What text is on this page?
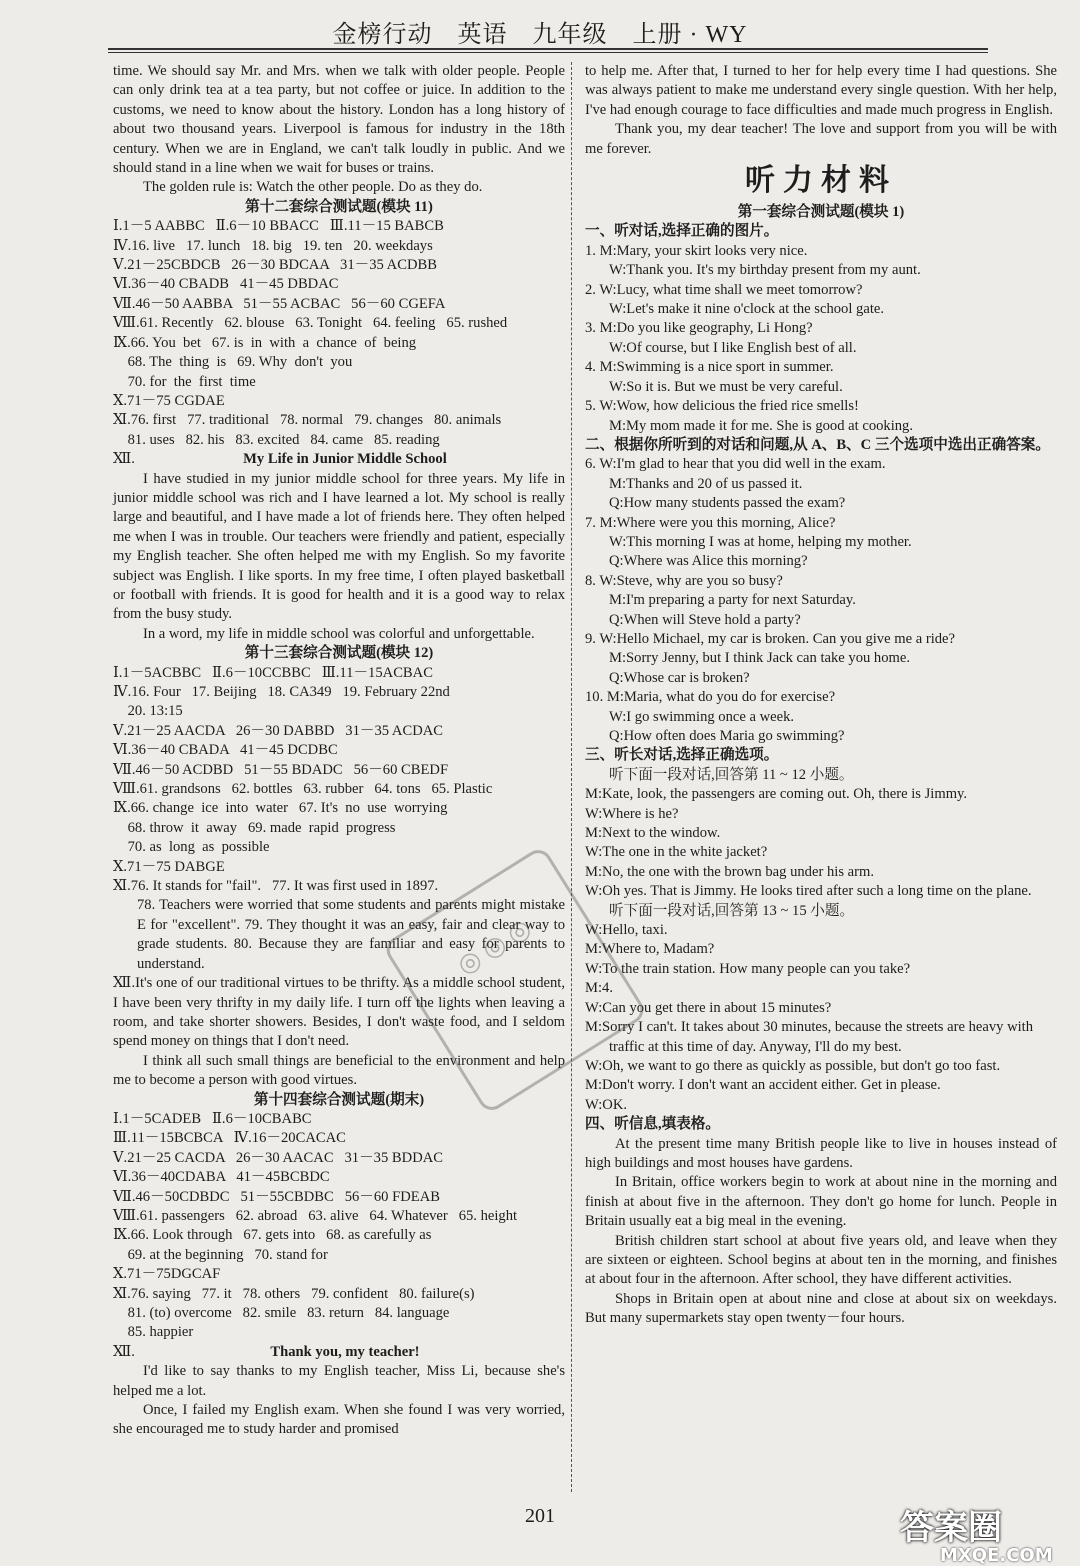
金榜行动　英语　九年级　上册 · WY

time. We should say Mr. and Mrs. when we talk with older people. People can only drink tea at a tea party, but not coffee or juice. In addition to the customs, we need to know about the history. London has a long history of about two thousand years. Liverpool is famous for industry in the 18th century. When we are in England, we can't talk loudly in public. And we should stand in a line when we wait for buses or trains.

The golden rule is: Watch the other people. Do as they do.

第十二套综合测试题(模块 11)

Ⅰ.1－5 AABBC   Ⅱ.6－10 BBACC   Ⅲ.11－15 BABCB

Ⅳ.16. live   17. lunch   18. big   19. ten   20. weekdays

Ⅴ.21－25CBDCB   26－30 BDCAA   31－35 ACDBB

Ⅵ.36－40 CBADB   41－45 DBDAC

Ⅶ.46－50 AABBA   51－55 ACBAC   56－60 CGEFA

Ⅷ.61. Recently   62. blouse   63. Tonight   64. feeling   65. rushed

Ⅸ.66. You  bet   67. is  in  with  a  chance  of  being

68. The  thing  is   69. Why  don't  you

70. for  the  first  time

Ⅹ.71－75 CGDAE

Ⅺ.76. first   77. traditional   78. normal   79. changes   80. animals

81. uses   82. his   83. excited   84. came   85. reading

Ⅻ.	My Life in Junior Middle School

I have studied in my junior middle school for three years. My life in junior middle school was rich and I have learned a lot. My school is really large and beautiful, and I have made a lot of friends here. They often helped me when I was in trouble. Our teachers were friendly and patient, especially my English teacher. She often helped me with my English. So my favorite subject was English. I like sports. In my free time, I often played basketball or football with friends. It is good for health and it is a good way to relax from the busy study.

In a word, my life in middle school was colorful and unforgettable.

第十三套综合测试题(模块 12)

Ⅰ.1－5ACBBC   Ⅱ.6－10CCBBC   Ⅲ.11－15ACBAC

Ⅳ.16. Four   17. Beijing   18. CA349   19. February 22nd

20. 13:15

Ⅴ.21－25 AACDA   26－30 DABBD   31－35 ACDAC

Ⅵ.36－40 CBADA   41－45 DCDBC

Ⅶ.46－50 ACDBD   51－55 BDADC   56－60 CBEDF

Ⅷ.61. grandsons   62. bottles   63. rubber   64. tons   65. Plastic

Ⅸ.66. change  ice  into  water   67. It's  no  use  worrying

68. throw  it  away   69. made  rapid  progress

70. as  long  as  possible

Ⅹ.71－75 DABGE

Ⅺ.76. It stands for "fail".   77. It was first used in 1897.

78. Teachers were worried that some students and parents might mistake E for "excellent". 79. They thought it was an easy, fair and clear way to grade students. 80. Because they are familiar and easy for parents to understand.

Ⅻ.It's one of our traditional virtues to be thrifty. As a middle school student, I have been very thrifty in my daily life. I turn off the lights when leaving a room, and take shorter showers. Besides, I don't waste food, and I seldom spend money on things that I don't need.

I think all such small things are beneficial to the environment and help me to become a person with good virtues.

第十四套综合测试题(期末)

Ⅰ.1－5CADEB   Ⅱ.6－10CBABC

Ⅲ.11－15BCBCA   Ⅳ.16－20CACAC

Ⅴ.21－25 CACDA   26－30 AACAC   31－35 BDDAC

Ⅵ.36－40CDABA   41－45BCBDC

Ⅶ.46－50CDBDC   51－55CBDBC   56－60 FDEAB

Ⅷ.61. passengers   62. abroad   63. alive   64. Whatever   65. height

Ⅸ.66. Look through   67. gets into   68. as carefully as

69. at the beginning   70. stand for

Ⅹ.71－75DGCAF

Ⅺ.76. saying   77. it   78. others   79. confident   80. failure(s)

81. (to) overcome   82. smile   83. return   84. language

85. happier

Ⅻ.	Thank you, my teacher!

I'd like to say thanks to my English teacher, Miss Li, because she's helped me a lot.

Once, I failed my English exam. When she found I was very worried, she encouraged me to study harder and promised

to help me. After that, I turned to her for help every time I had questions. She was always patient to make me understand every single question. With her help, I've had enough courage to face difficulties and made much progress in English.

Thank you, my dear teacher! The love and support from you will be with me forever.

听力材料

第一套综合测试题(模块 1)

一、听对话,选择正确的图片。

1. M:Mary, your skirt looks very nice.

W:Thank you. It's my birthday present from my aunt.

2. W:Lucy, what time shall we meet tomorrow?

W:Let's make it nine o'clock at the school gate.

3. M:Do you like geography, Li Hong?

W:Of course, but I like English best of all.

4. M:Swimming is a nice sport in summer.

W:So it is. But we must be very careful.

5. W:Wow, how delicious the fried rice smells!

M:My mom made it for me. She is good at cooking.

二、根据你所听到的对话和问题,从 A、B、C 三个选项中选出正确答案。

6. W:I'm glad to hear that you did well in the exam.

M:Thanks and 20 of us passed it.

Q:How many students passed the exam?

7. M:Where were you this morning, Alice?

W:This morning I was at home, helping my mother.

Q:Where was Alice this morning?

8. W:Steve, why are you so busy?

M:I'm preparing a party for next Saturday.

Q:When will Steve hold a party?

9. W:Hello Michael, my car is broken. Can you give me a ride?

M:Sorry Jenny, but I think Jack can take you home.

Q:Whose car is broken?

10. M:Maria, what do you do for exercise?

W:I go swimming once a week.

Q:How often does Maria go swimming?

三、听长对话,选择正确选项。

听下面一段对话,回答第 11 ~ 12 小题。

M:Kate, look, the passengers are coming out. Oh, there is Jimmy.

W:Where is he?

M:Next to the window.

W:The one in the white jacket?

M:No, the one with the brown bag under his arm.

W:Oh yes. That is Jimmy. He looks tired after such a long time on the plane.

听下面一段对话,回答第 13 ~ 15 小题。

W:Hello, taxi.

M:Where to, Madam?

W:To the train station. How many people can you take?

M:4.

W:Can you get there in about 15 minutes?

M:Sorry I can't. It takes about 30 minutes, because the streets are heavy with traffic at this time of day. Anyway, I'll do my best.

W:Oh, we want to go there as quickly as possible, but don't go too fast.

M:Don't worry. I don't want an accident either. Get in please.

W:OK.

四、听信息,填表格。

At the present time many British people like to live in houses instead of high buildings and most houses have gardens.

In Britain, office workers begin to work at about nine in the morning and finish at about five in the afternoon. They don't go home for lunch. People in Britain usually eat a big meal in the evening.

British children start school at about five years old, and leave when they are sixteen or eighteen. School begins at about ten in the morning, and finishes at about four in the afternoon. After school, they have different activities.

Shops in Britain open at about nine and close at about six on weekdays. But many supermarkets stay open twenty－four hours.

◎ ◎ ◎
201	答案圈
MXQE.COM
